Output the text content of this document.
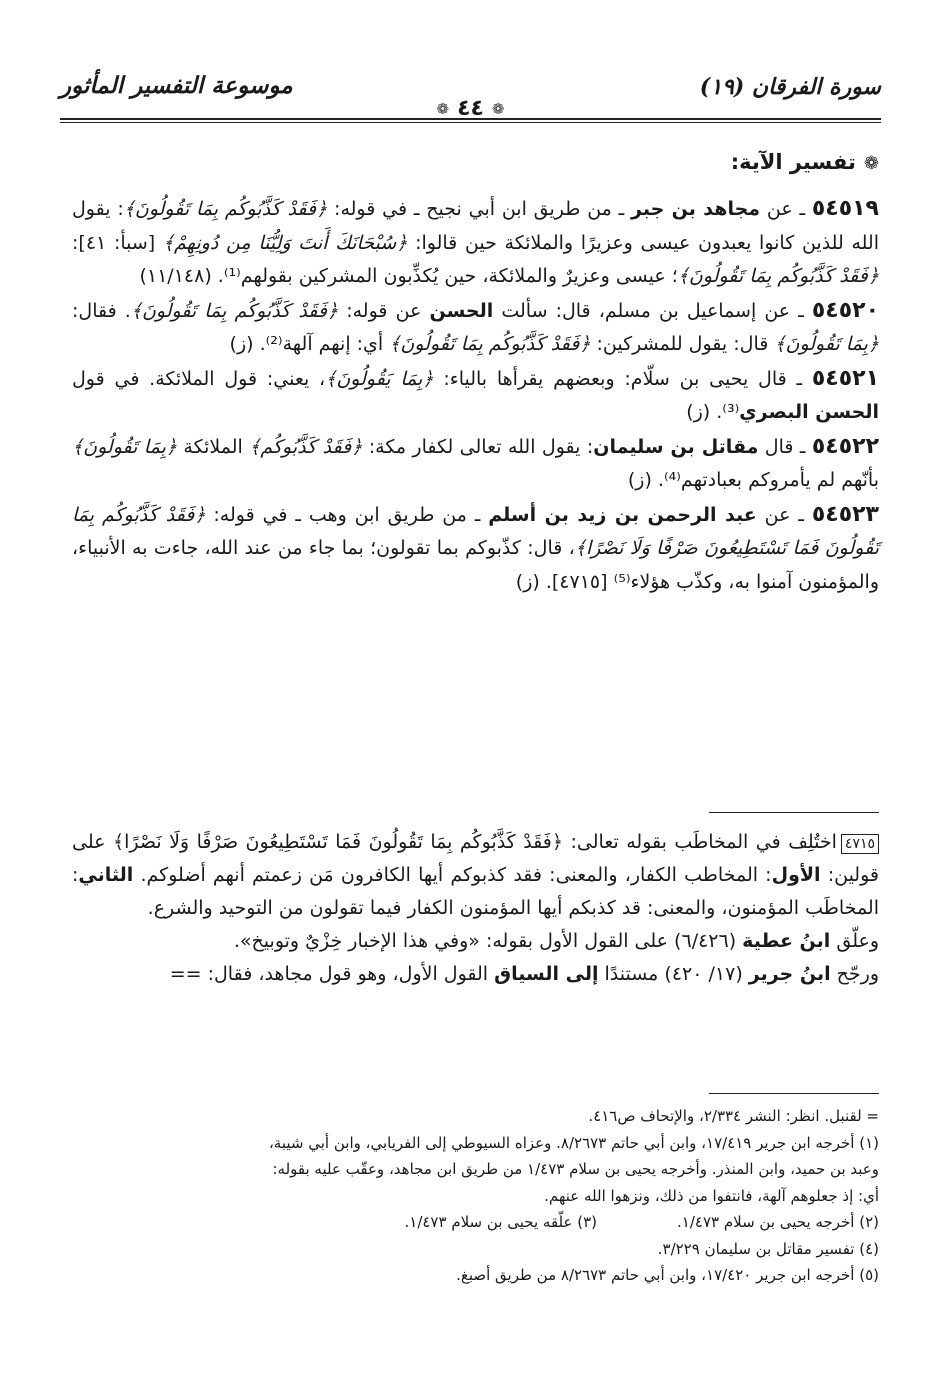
سورة الفرقان (١٩)
موسوعة التفسير المأثور
❁٤٤❁
❁تفسير الآية:
٥٤٥١٩ ـ عن مجاهد بن جبر ـ من طريق ابن أبي نجيح ـ في قوله: ﴿فَقَدْ كَذَّبُوكُم بِمَا تَقُولُونَ﴾: يقول الله للذين كانوا يعبدون عيسى وعزيرًا والملائكة حين قالوا: ﴿سُبْحَانَكَ أَنتَ وَلِيُّنَا مِن دُونِهِمْ﴾ [سبأ: ٤١]: ﴿فَقَدْ كَذَّبُوكُم بِمَا تَقُولُونَ﴾؛ عيسى وعزيرٌ والملائكة، حين يُكذِّبون المشركين بقولهم⁽¹⁾. (١١/١٤٨)
٥٤٥٢٠ ـ عن إسماعيل بن مسلم، قال: سألت الحسن عن قوله: ﴿فَقَدْ كَذَّبُوكُم بِمَا تَقُولُونَ﴾. فقال: ﴿بِمَا تَقُولُونَ﴾ قال: يقول للمشركين: ﴿فَقَدْ كَذَّبُوكُم بِمَا تَقُولُونَ﴾ أي: إنهم آلهة⁽²⁾. (ز)
٥٤٥٢١ ـ قال يحيى بن سلّام: وبعضهم يقرأها بالياء: ﴿بِمَا يَقُولُونَ﴾، يعني: قول الملائكة. في قول الحسن البصري⁽³⁾. (ز)
٥٤٥٢٢ ـ قال مقاتل بن سليمان: يقول الله تعالى لكفار مكة: ﴿فَقَدْ كَذَّبُوكُم﴾ الملائكة ﴿بِمَا تَقُولُونَ﴾ بأنّهم لم يأمروكم بعبادتهم⁽⁴⁾. (ز)
٥٤٥٢٣ ـ عن عبد الرحمن بن زيد بن أسلم ـ من طريق ابن وهب ـ في قوله: ﴿فَقَدْ كَذَّبُوكُم بِمَا تَقُولُونَ فَمَا تَسْتَطِيعُونَ صَرْفًا وَلَا نَصْرًا﴾، قال: كذّبوكم بما تقولون؛ بما جاء من عند الله، جاءت به الأنبياء، والمؤمنون آمنوا به، وكذّب هؤلاء⁽⁵⁾ [٤٧١٥]. (ز)

٤٧١٥اختُلِف في المخاطَب بقوله تعالى: ﴿فَقَدْ كَذَّبُوكُم بِمَا تَقُولُونَ فَمَا تَسْتَطِيعُونَ صَرْفًا وَلَا نَصْرًا﴾ على قولين: الأول: المخاطب الكفار، والمعنى: فقد كذبوكم أيها الكافرون مَن زعمتم أنهم أضلوكم. الثاني: المخاطَب المؤمنون، والمعنى: قد كذبكم أيها المؤمنون الكفار فيما تقولون من التوحيد والشرع.

وعلّق ابنُ عطية (٦/٤٢٦) على القول الأول بقوله: «وفي هذا الإخبار خِزْيٌ وتوبيخ».

ورجّح ابنُ جرير (١٧/ ٤٢٠) مستندًا إلى السياق القول الأول، وهو قول مجاهد، فقال: ==

= لقنبل. انظر: النشر ٢/٣٣٤، والإتحاف ص٤١٦.

(١) أخرجه ابن جرير ١٧/٤١٩، وابن أبي حاتم ٨/٢٦٧٣. وعزاه السيوطي إلى الفريابي، وابن أبي شيبة،

وعبد بن حميد، وابن المنذر. وأخرجه يحيى بن سلام ١/٤٧٣ من طريق ابن مجاهد، وعقّب عليه بقوله:

أي: إذ جعلوهم آلهة، فانتفوا من ذلك، ونزهوا الله عنهم.

(٢) أخرجه يحيى بن سلام ١/٤٧٣.
(٣) علّقه يحيى بن سلام ١/٤٧٣.

(٤) تفسير مقاتل بن سليمان ٣/٢٢٩.

(٥) أخرجه ابن جرير ١٧/٤٢٠، وابن أبي حاتم ٨/٢٦٧٣ من طريق أصبغ.
